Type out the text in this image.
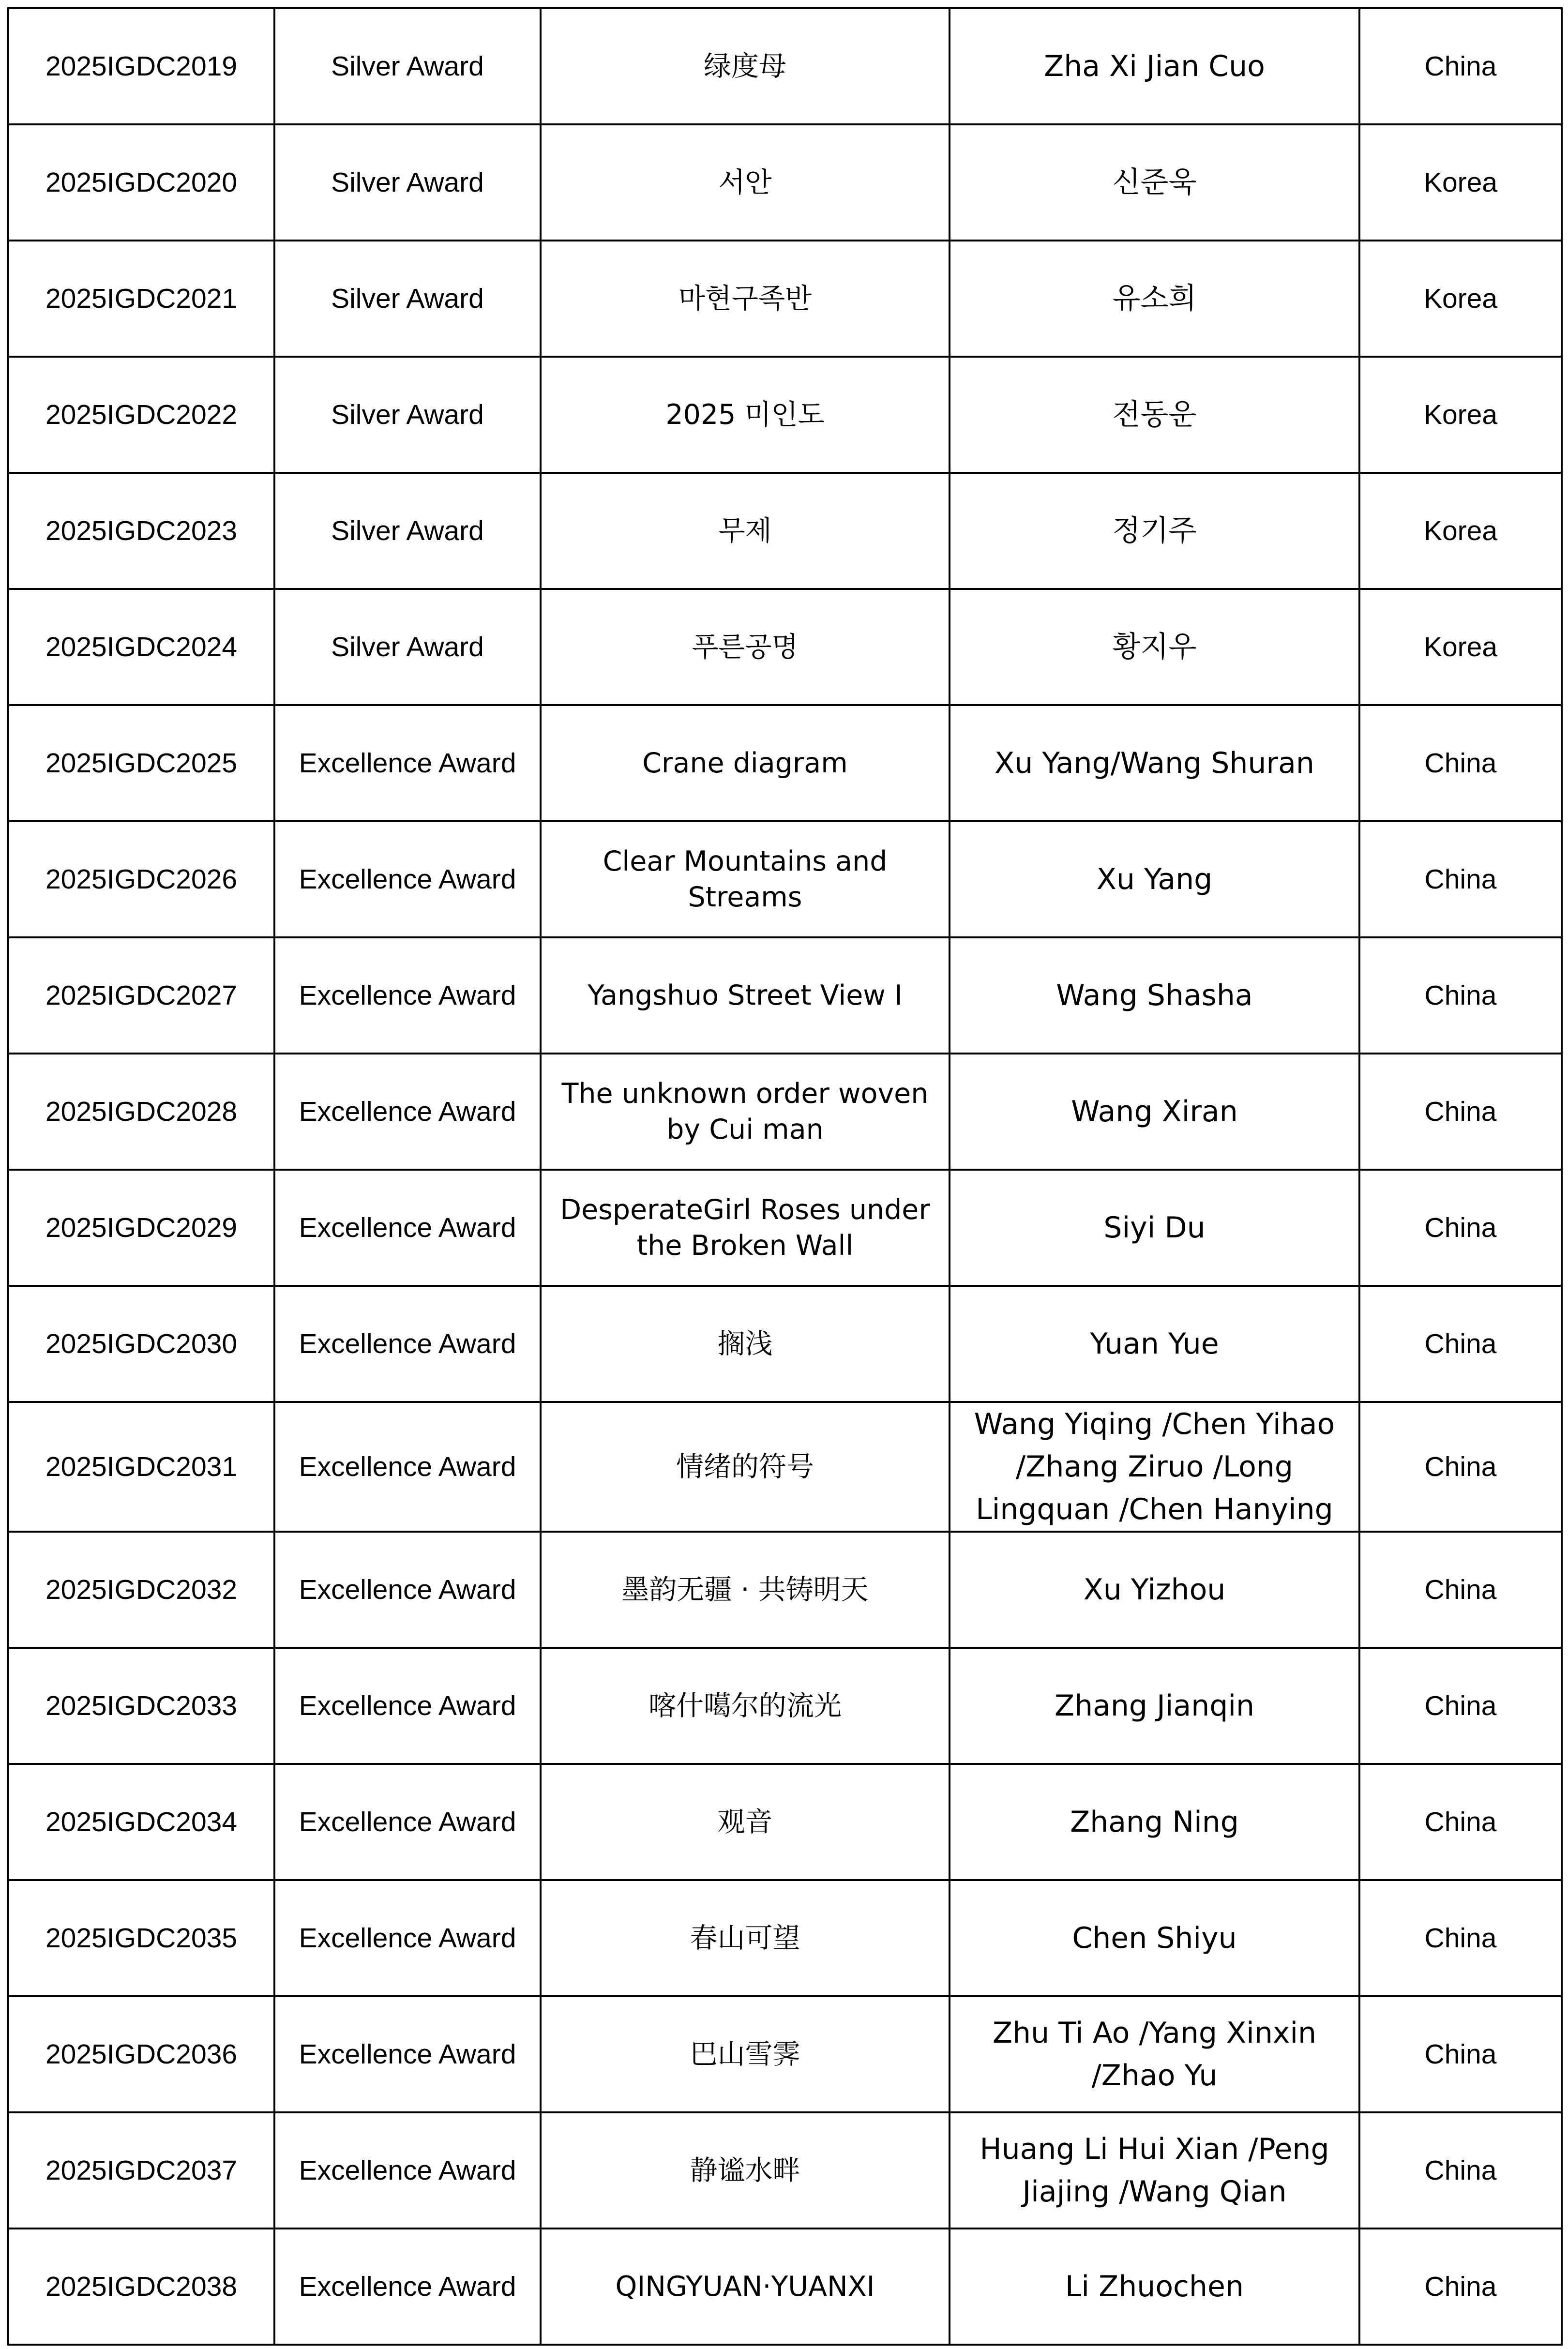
2025IGDC2019	Silver Award	绿度母	Zha Xi Jian Cuo	China
2025IGDC2020	Silver Award	서안	신준욱	Korea
2025IGDC2021	Silver Award	마현구족반	유소희	Korea
2025IGDC2022	Silver Award	2025 미인도	전동운	Korea
2025IGDC2023	Silver Award	무제	정기주	Korea
2025IGDC2024	Silver Award	푸른공명	황지우	Korea
2025IGDC2025	Excellence Award	Crane diagram	Xu Yang/Wang Shuran	China
2025IGDC2026	Excellence Award	Clear Mountains and Streams	Xu Yang	China
2025IGDC2027	Excellence Award	Yangshuo Street View Ⅰ	Wang Shasha	China
2025IGDC2028	Excellence Award	The unknown order woven by Cui man	Wang Xiran	China
2025IGDC2029	Excellence Award	DesperateGirl Roses under the Broken Wall	Siyi Du	China
2025IGDC2030	Excellence Award	搁浅	Yuan Yue	China
2025IGDC2031	Excellence Award	情绪的符号	Wang Yiqing /Chen Yihao /Zhang Ziruo /Long Lingquan /Chen Hanying	China
2025IGDC2032	Excellence Award	墨韵无疆 · 共铸明天	Xu Yizhou	China
2025IGDC2033	Excellence Award	喀什噶尔的流光	Zhang Jianqin	China
2025IGDC2034	Excellence Award	观音	Zhang Ning	China
2025IGDC2035	Excellence Award	春山可望	Chen Shiyu	China
2025IGDC2036	Excellence Award	巴山雪霁	Zhu Ti Ao /Yang Xinxin /Zhao Yu	China
2025IGDC2037	Excellence Award	静谧水畔	Huang Li Hui Xian /Peng Jiajing /Wang Qian	China
2025IGDC2038	Excellence Award	QINGYUAN·YUANXI	Li Zhuochen	China
